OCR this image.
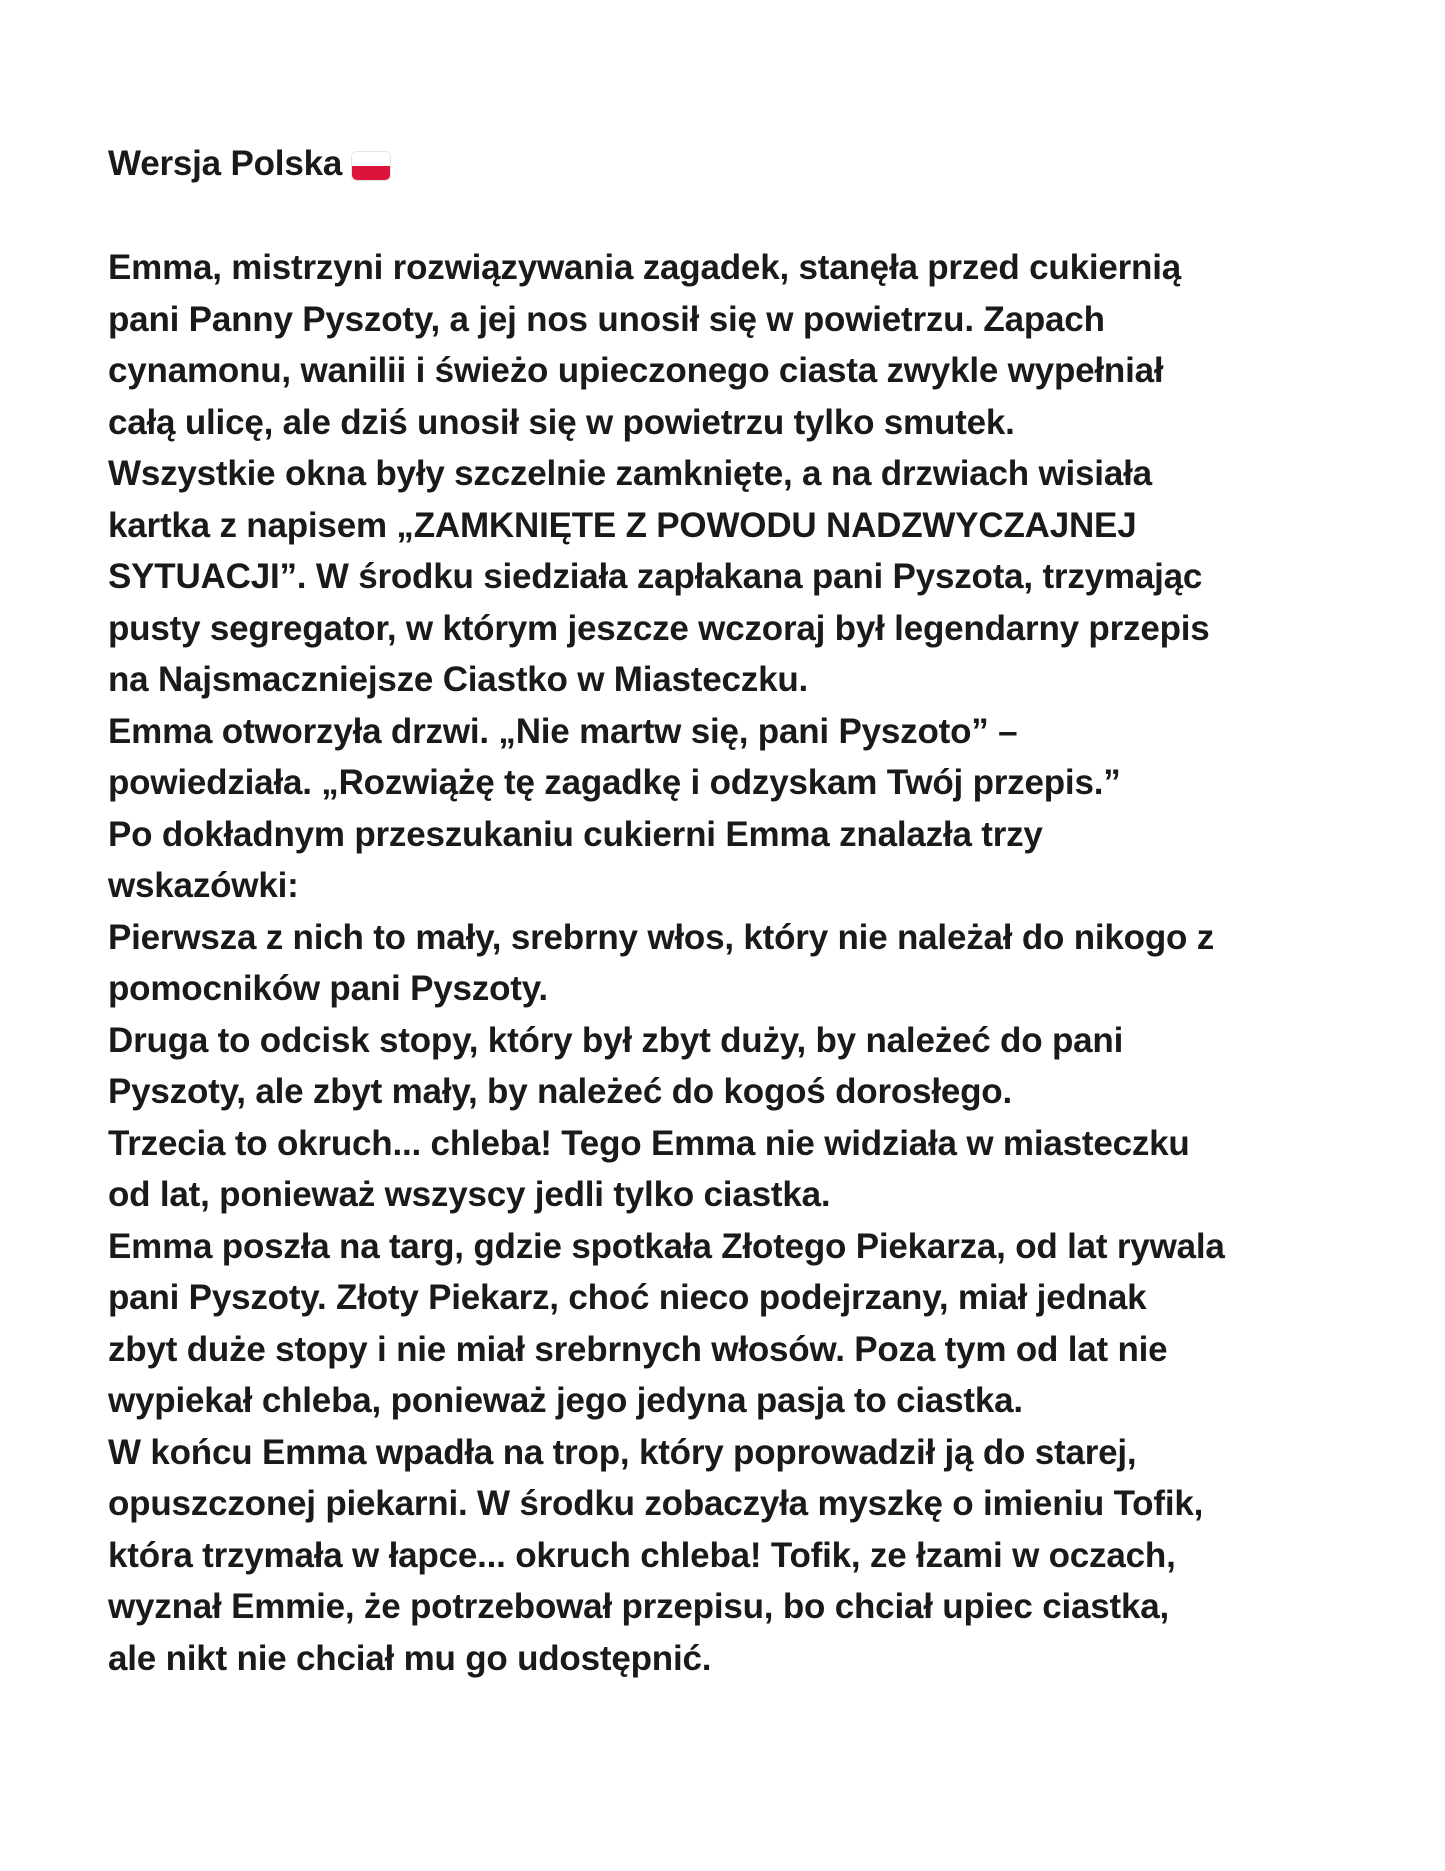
Wersja Polska
Emma, mistrzyni rozwiązywania zagadek, stanęła przed cukiernią
pani Panny Pyszoty, a jej nos unosił się w powietrzu. Zapach
cynamonu, wanilii i świeżo upieczonego ciasta zwykle wypełniał
całą ulicę, ale dziś unosił się w powietrzu tylko smutek.
Wszystkie okna były szczelnie zamknięte, a na drzwiach wisiała
kartka z napisem „ZAMKNIĘTE Z POWODU NADZWYCZAJNEJ
SYTUACJI”. W środku siedziała zapłakana pani Pyszota, trzymając
pusty segregator, w którym jeszcze wczoraj był legendarny przepis
na Najsmaczniejsze Ciastko w Miasteczku.
Emma otworzyła drzwi. „Nie martw się, pani Pyszoto” –
powiedziała. „Rozwiążę tę zagadkę i odzyskam Twój przepis.”
Po dokładnym przeszukaniu cukierni Emma znalazła trzy
wskazówki:
Pierwsza z nich to mały, srebrny włos, który nie należał do nikogo z
pomocników pani Pyszoty.
Druga to odcisk stopy, który był zbyt duży, by należeć do pani
Pyszoty, ale zbyt mały, by należeć do kogoś dorosłego.
Trzecia to okruch... chleba! Tego Emma nie widziała w miasteczku
od lat, ponieważ wszyscy jedli tylko ciastka.
Emma poszła na targ, gdzie spotkała Złotego Piekarza, od lat rywala
pani Pyszoty. Złoty Piekarz, choć nieco podejrzany, miał jednak
zbyt duże stopy i nie miał srebrnych włosów. Poza tym od lat nie
wypiekał chleba, ponieważ jego jedyna pasja to ciastka.
W końcu Emma wpadła na trop, który poprowadził ją do starej,
opuszczonej piekarni. W środku zobaczyła myszkę o imieniu Tofik,
która trzymała w łapce... okruch chleba! Tofik, ze łzami w oczach,
wyznał Emmie, że potrzebował przepisu, bo chciał upiec ciastka,
ale nikt nie chciał mu go udostępnić.
